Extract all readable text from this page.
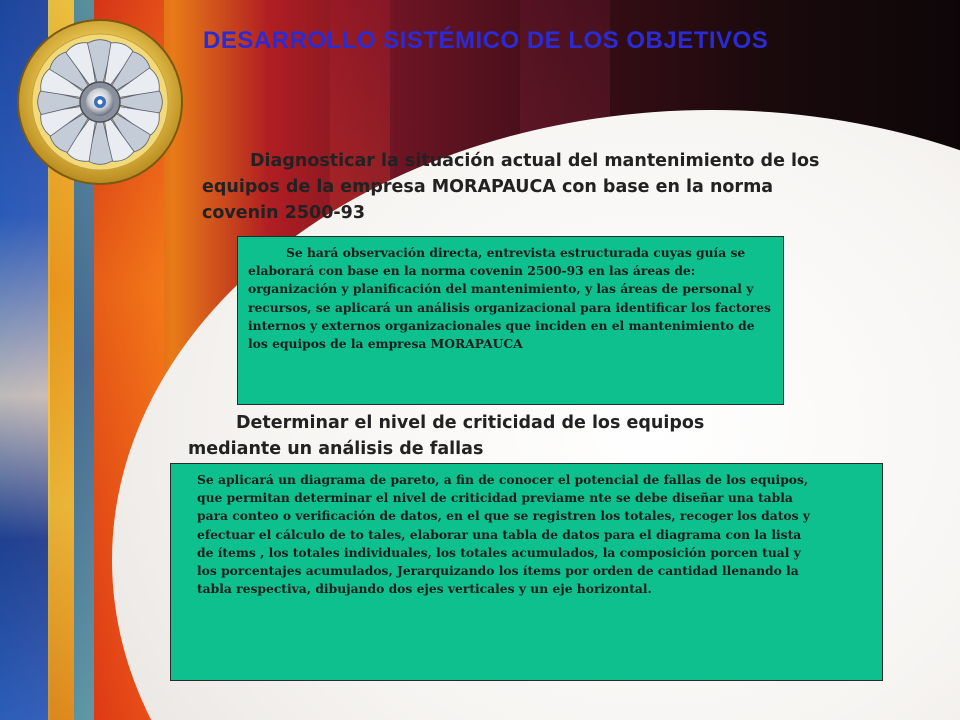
DESARROLLO SISTÉMICO DE LOS OBJETIVOS

Diagnosticar la situación actual del mantenimiento de los equipos de la empresa MORAPAUCA con base en la norma covenin 2500-93

Se hará observación directa, entrevista estructurada cuyas guía se elaborará con base en la norma covenin 2500-93 en las áreas de: organización y planificación del mantenimiento, y las áreas de personal y recursos, se aplicará un análisis organizacional para identificar los factores internos y externos organizacionales que inciden en el mantenimiento de los equipos de la empresa MORAPAUCA

Determinar el nivel de criticidad de los equipos mediante un análisis de fallas

Se aplicará un diagrama de pareto, a fin de conocer el potencial de fallas de los equipos, que permitan determinar el nivel de criticidad previame nte se debe diseñar una tabla para conteo o verificación de datos, en el que se registren los totales, recoger los datos y efectuar el cálculo de to tales, elaborar una tabla de datos para el diagrama con la lista de ítems , los totales individuales, los totales acumulados, la composición porcen tual y los porcentajes acumulados, Jerarquizando los ítems por orden de cantidad llenando la tabla respectiva, dibujando dos ejes verticales y un eje horizontal.
